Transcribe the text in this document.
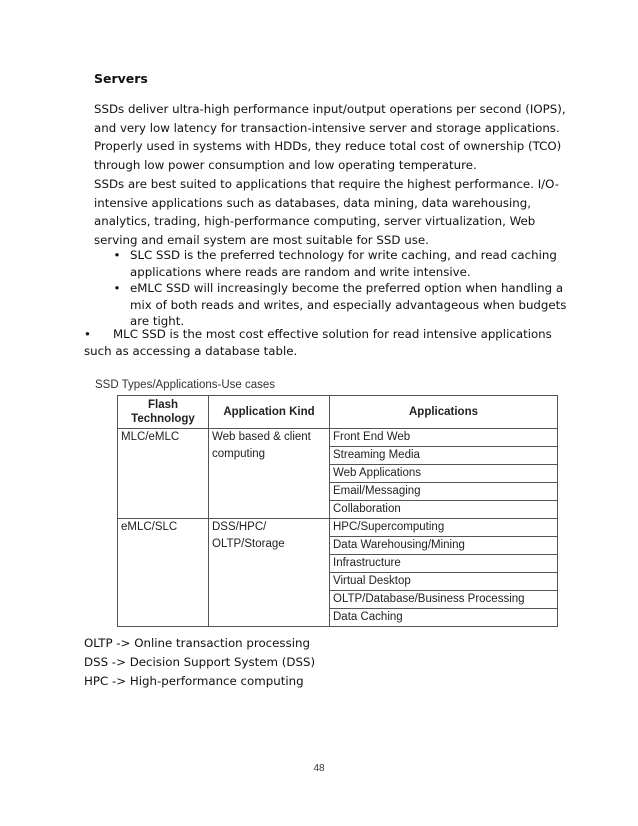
Servers
SSDs deliver ultra-high performance input/output operations per second (IOPS),
and very low latency for transaction-intensive server and storage applications.
Properly used in systems with HDDs, they reduce total cost of ownership (TCO)
through low power consumption and low operating temperature.
SSDs are best suited to applications that require the highest performance. I/O-
intensive applications such as databases, data mining, data warehousing,
analytics, trading, high-performance computing, server virtualization, Web
serving and email system are most suitable for SSD use.
• SLC SSD is the preferred technology for write caching, and read caching
applications where reads are random and write intensive.
• eMLC SSD will increasingly become the preferred option when handling a
mix of both reads and writes, and especially advantageous when budgets
are tight.
• MLC SSD is the most cost effective solution for read intensive applications
such as accessing a database table.
SSD Types/Applications-Use cases
Flash Technology	Application Kind	Applications
MLC/eMLC	Web based & client computing	Front End Web
		Streaming Media
		Web Applications
		Email/Messaging
		Collaboration
eMLC/SLC	DSS/HPC/ OLTP/Storage	HPC/Supercomputing
		Data Warehousing/Mining
		Infrastructure
		Virtual Desktop
		OLTP/Database/Business Processing
		Data Caching
OLTP -> Online transaction processing
DSS -> Decision Support System (DSS)
HPC -> High-performance computing
48
